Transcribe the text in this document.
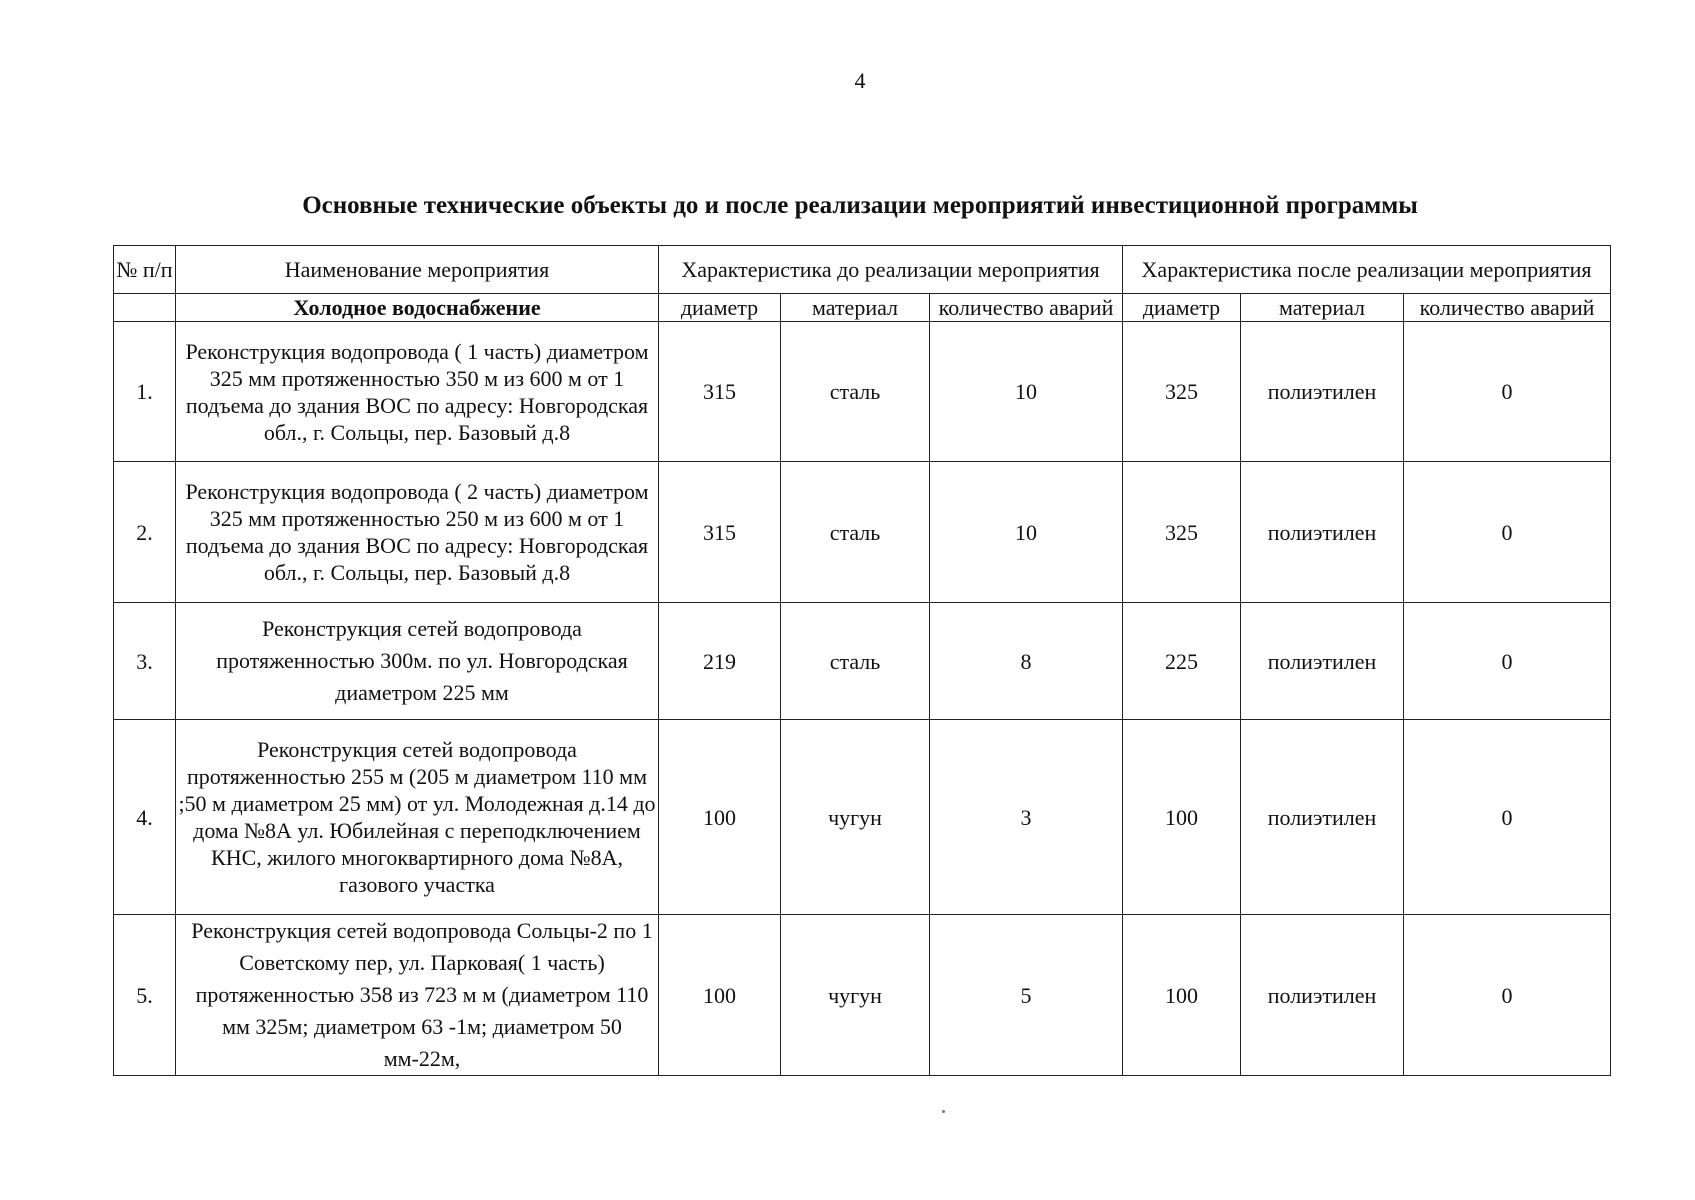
4
Основные технические объекты до и после реализации мероприятий инвестиционной программы
№ п/п	Наименование мероприятия	Характеристика до реализации мероприятия			Характеристика после реализации мероприятия		
	Холодное водоснабжение	диаметр	материал	количество аварий	диаметр	материал	количество аварий
1.	Реконструкция водопровода ( 1 часть) диаметром 325 мм протяженностью 350 м из 600 м от 1 подъема до здания ВОС по адресу: Новгородская обл., г. Сольцы, пер. Базовый д.8	315	сталь	10	325	полиэтилен	0
2.	Реконструкция водопровода ( 2 часть) диаметром 325 мм протяженностью 250 м из 600 м от 1 подъема до здания ВОС по адресу: Новгородская обл., г. Сольцы, пер. Базовый д.8	315	сталь	10	325	полиэтилен	0
3.	Реконструкция сетей водопровода протяженностью 300м. по ул. Новгородская диаметром 225 мм	219	сталь	8	225	полиэтилен	0
4.	Реконструкция сетей водопровода протяженностью 255 м (205 м диаметром 110 мм ;50 м диаметром 25 мм) от ул. Молодежная д.14 до дома №8А ул. Юбилейная с переподключением КНС, жилого многоквартирного дома №8А, газового участка	100	чугун	3	100	полиэтилен	0
5.	Реконструкция сетей водопровода Сольцы-2 по 1 Советскому пер, ул. Парковая( 1 часть) протяженностью 358 из 723 м м (диаметром 110 мм 325м; диаметром 63 -1м; диаметром 50 мм-22м,	100	чугун	5	100	полиэтилен	0
